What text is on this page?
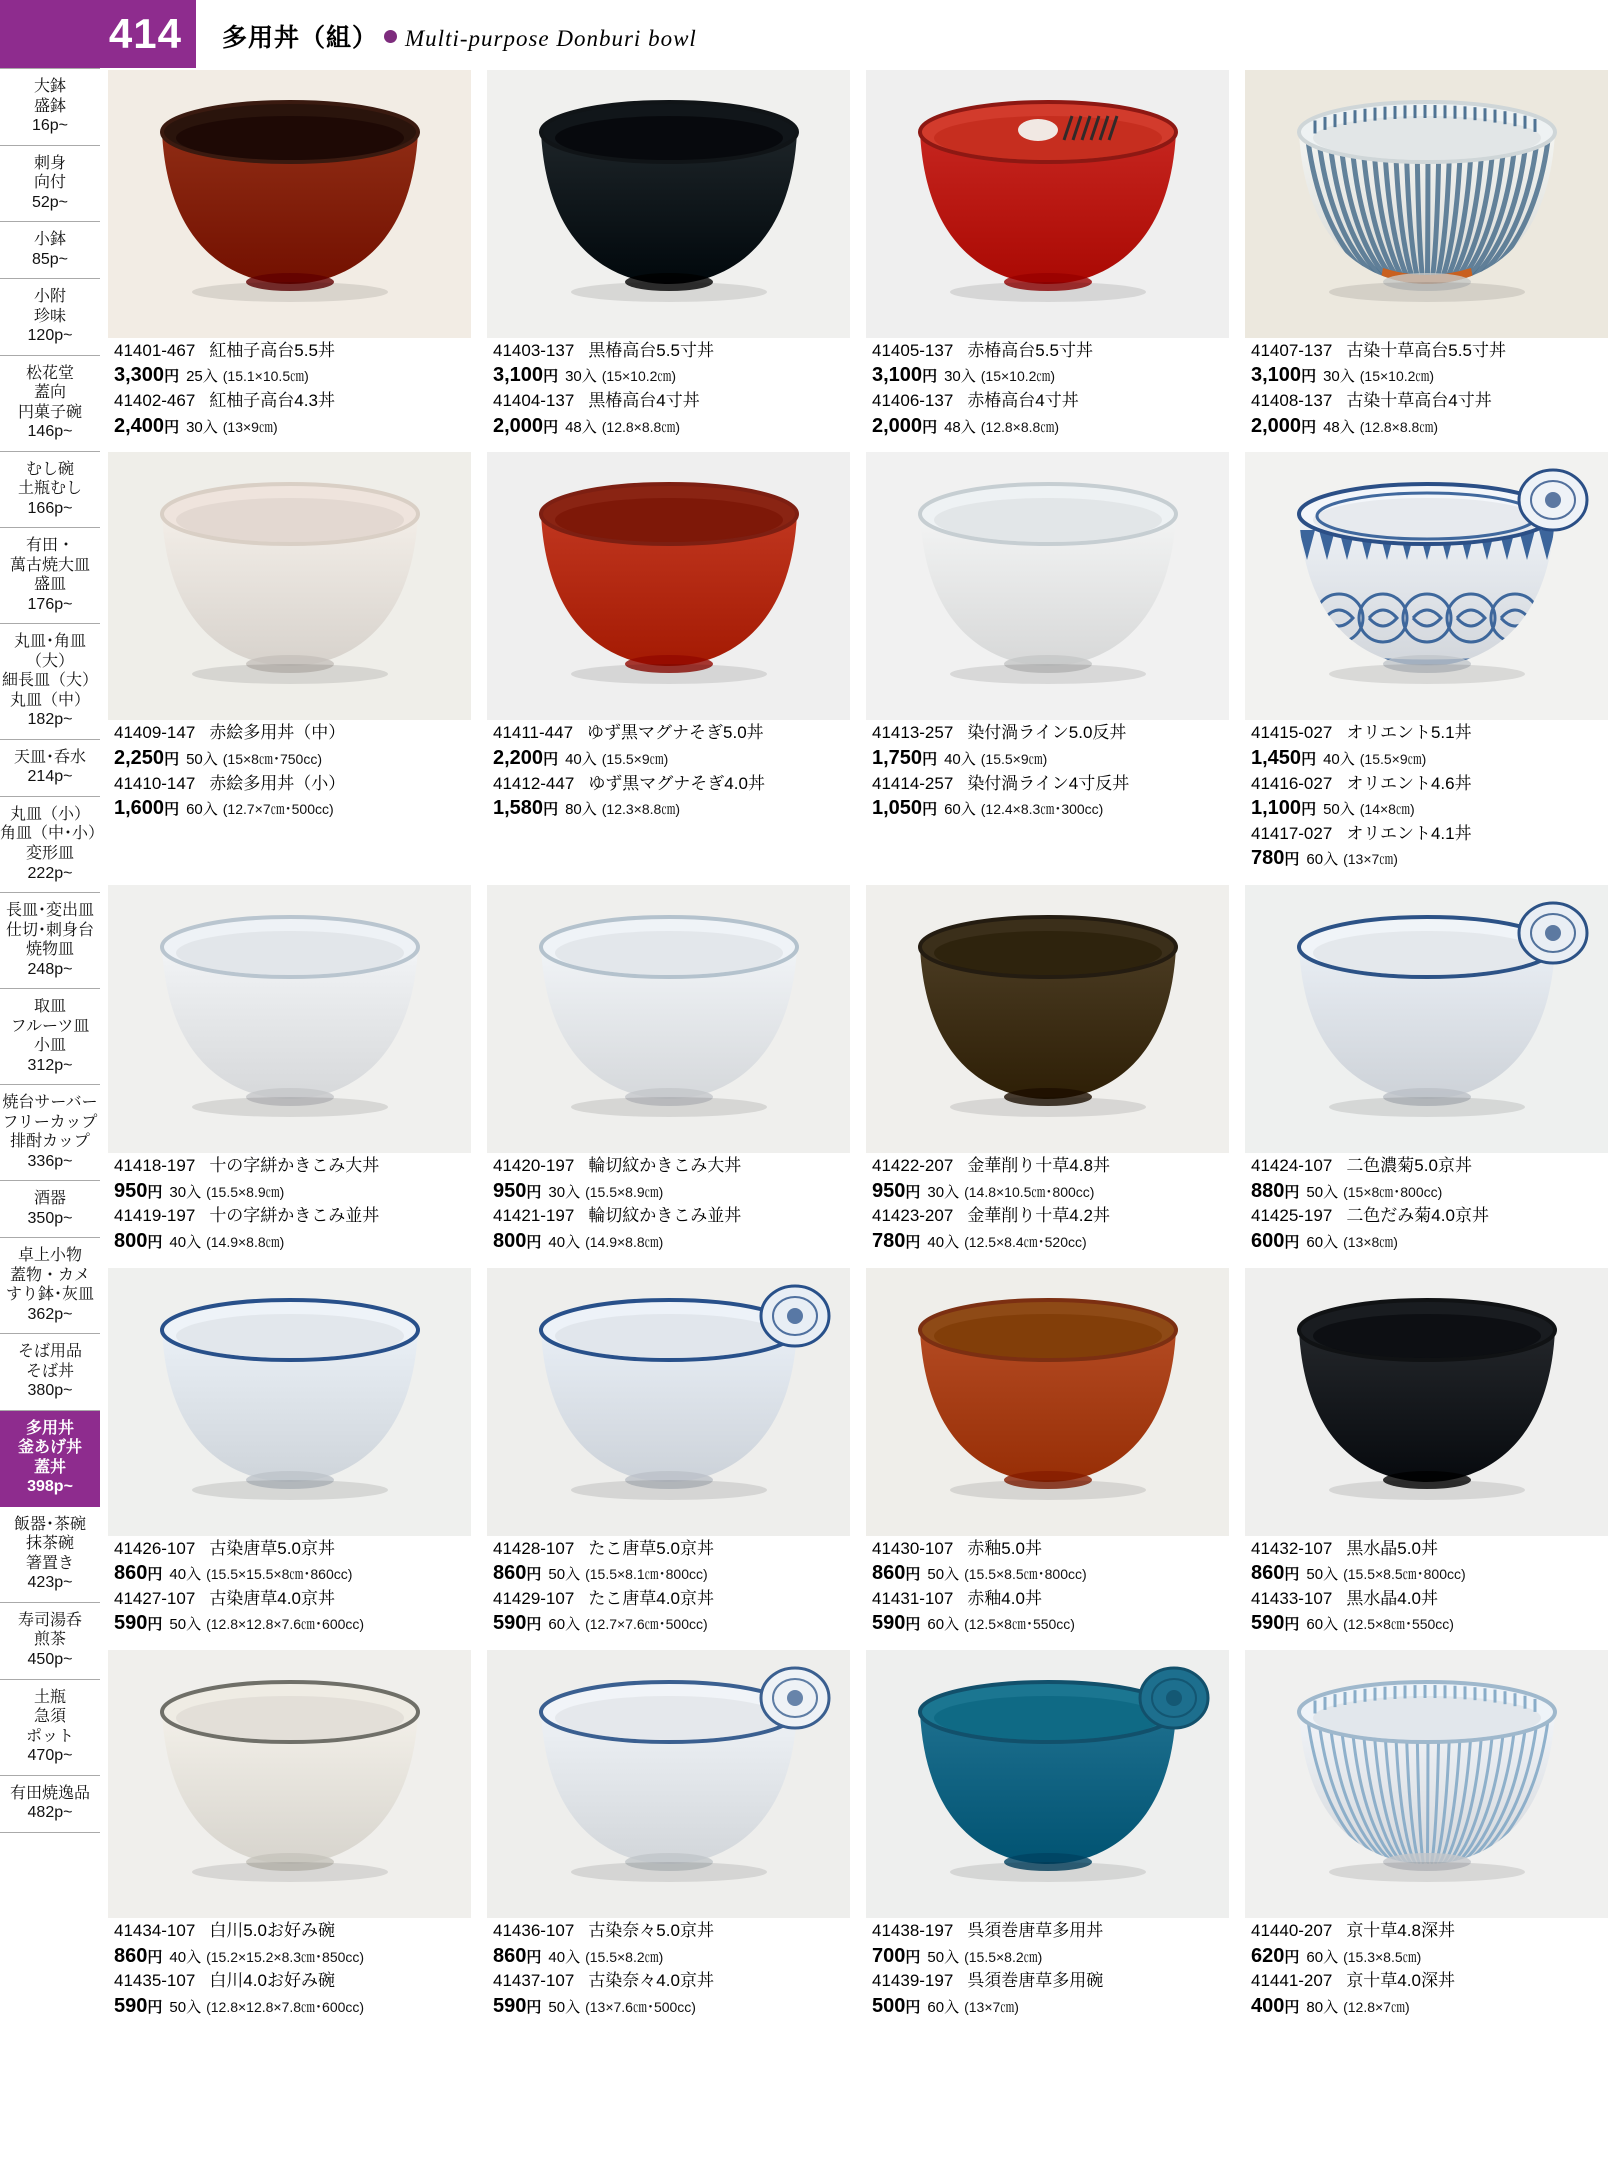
414	多用丼（組） Multi-purpose Donburi bowl
大鉢
盛鉢
16p~
刺身
向付
52p~
小鉢
85p~
小附
珍味
120p~
松花堂
蓋向
円菓子碗
146p~
むし碗
土瓶むし
166p~
有田・
萬古焼大皿
盛皿
176p~
丸皿･角皿（大）
細長皿（大）
丸皿（中）
182p~
天皿･呑水
214p~
丸皿（小）
角皿（中･小）
変形皿
222p~
長皿･変出皿
仕切･刺身台
焼物皿
248p~
取皿
フルーツ皿
小皿
312p~
焼台サーバー
フリーカップ
排酎カップ
336p~
酒器
350p~
卓上小物
蓋物・カメ
すり鉢･灰皿
362p~
そば用品
そば丼
380p~
多用丼
釜あげ丼
蓋丼
398p~
飯器･茶碗
抹茶碗
箸置き
423p~
寿司湯呑
煎茶
450p~
土瓶
急須
ポット
470p~
有田焼逸品
482p~
41401-467 紅柚子高台5.5丼
3,300円 25入 (15.1×10.5㎝)
41402-467 紅柚子高台4.3丼
2,400円 30入 (13×9㎝)
41403-137 黒椿高台5.5寸丼
3,100円 30入 (15×10.2㎝)
41404-137 黒椿高台4寸丼
2,000円 48入 (12.8×8.8㎝)
41405-137 赤椿高台5.5寸丼
3,100円 30入 (15×10.2㎝)
41406-137 赤椿高台4寸丼
2,000円 48入 (12.8×8.8㎝)
41407-137 古染十草高台5.5寸丼
3,100円 30入 (15×10.2㎝)
41408-137 古染十草高台4寸丼
2,000円 48入 (12.8×8.8㎝)
41409-147 赤絵多用丼（中）
2,250円 50入 (15×8㎝･750cc)
41410-147 赤絵多用丼（小）
1,600円 60入 (12.7×7㎝･500cc)
41411-447 ゆず黒マグナそぎ5.0丼
2,200円 40入 (15.5×9㎝)
41412-447 ゆず黒マグナそぎ4.0丼
1,580円 80入 (12.3×8.8㎝)
41413-257 染付渦ライン5.0反丼
1,750円 40入 (15.5×9㎝)
41414-257 染付渦ライン4寸反丼
1,050円 60入 (12.4×8.3㎝･300cc)
41415-027 オリエント5.1丼
1,450円 40入 (15.5×9㎝)
41416-027 オリエント4.6丼
1,100円 50入 (14×8㎝)
41417-027 オリエント4.1丼
780円 60入 (13×7㎝)
41418-197 十の字絣かきこみ大丼
950円 30入 (15.5×8.9㎝)
41419-197 十の字絣かきこみ並丼
800円 40入 (14.9×8.8㎝)
41420-197 輪切紋かきこみ大丼
950円 30入 (15.5×8.9㎝)
41421-197 輪切紋かきこみ並丼
800円 40入 (14.9×8.8㎝)
41422-207 金華削り十草4.8丼
950円 30入 (14.8×10.5㎝･800cc)
41423-207 金華削り十草4.2丼
780円 40入 (12.5×8.4㎝･520cc)
41424-107 二色濃菊5.0京丼
880円 50入 (15×8㎝･800cc)
41425-197 二色だみ菊4.0京丼
600円 60入 (13×8㎝)
41426-107 古染唐草5.0京丼
860円 40入 (15.5×15.5×8㎝･860cc)
41427-107 古染唐草4.0京丼
590円 50入 (12.8×12.8×7.6㎝･600cc)
41428-107 たこ唐草5.0京丼
860円 50入 (15.5×8.1㎝･800cc)
41429-107 たこ唐草4.0京丼
590円 60入 (12.7×7.6㎝･500cc)
41430-107 赤釉5.0丼
860円 50入 (15.5×8.5㎝･800cc)
41431-107 赤釉4.0丼
590円 60入 (12.5×8㎝･550cc)
41432-107 黒水晶5.0丼
860円 50入 (15.5×8.5㎝･800cc)
41433-107 黒水晶4.0丼
590円 60入 (12.5×8㎝･550cc)
41434-107 白川5.0お好み碗
860円 40入 (15.2×15.2×8.3㎝･850cc)
41435-107 白川4.0お好み碗
590円 50入 (12.8×12.8×7.8㎝･600cc)
41436-107 古染奈々5.0京丼
860円 40入 (15.5×8.2㎝)
41437-107 古染奈々4.0京丼
590円 50入 (13×7.6㎝･500cc)
41438-197 呉須巻唐草多用丼
700円 50入 (15.5×8.2㎝)
41439-197 呉須巻唐草多用碗
500円 60入 (13×7㎝)
41440-207 京十草4.8深丼
620円 60入 (15.3×8.5㎝)
41441-207 京十草4.0深丼
400円 80入 (12.8×7㎝)
